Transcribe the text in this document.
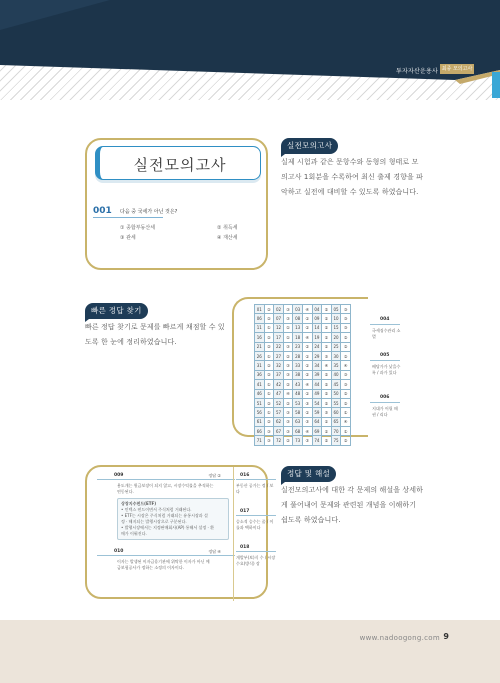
투자자산운용사 최종 모의고사
실전모의고사
001 다음 중 국세가 아닌 것은?
① 종합부동산세	② 취득세
③ 관세	④ 재산세
실전모의고사
실제 시험과 같은 문항수와 동형의 형태로 모
의고사 1회분을 수록하여 최신 출제 경향을 파
악하고 실전에 대비할 수 있도록 하였습니다.
빠른 정답 찾기
빠른 정답 찾기로 문제를 빠르게 채점할 수 있
도록 한 눈에 정리하였습니다.
01	②	02	③	03	④	04	②	05	③
06	②	07	③	08	①	09	①	10	③
11	①	12	①	13	①	14	①	15	③
16	②	17	①	18	④	19	①	20	②
21	②	22	③	23	②	24	①	25	②
26	①	27	②	28	①	29	③	30	②
31	②	32	③	33	①	34	④	35	④
36	②	37	③	38	②	39	②	40	③
41	①	42	②	43	④	44	②	45	③
46	①	47	④	48	①	49	②	50	②
51	②	52	②	53	③	54	②	55	②
56	①	57	③	58	①	59	③	60	①
61	②	62	③	63	③	64	①	65	④
66	③	67	③	68	④	69	①	70	①
71	③	72	②	73	③	74	②	75	②
004
국세징수관리 소멸
005
배당가가 낮을수록 / 과가 있다
006
지대가 어릴 때 권 / 리다
정답 및 해설
실전모의고사에 대한 각 문제의 해설을 상세하
게 풀어내어 문제와 관련된 개념을 이해하기
쉽도록 하였습니다.
009	정답 ②
용도개는 원금보장이 되지 않고, 시장수익률을 추적하는
연동된다.
상장지수펀드(ETF)
• 인덱스 펀드이면서 주식처럼 거래된다.
• ETF는 시장은 주식처럼 거래되는 유통시장과 설
정 · 해지되는 발행시장으로 구분된다.
• 발행시장에서는 지정판매회사(AP) 통해서 설정 · 환
매가 이뤄진다.
010	정답 ④
이자는 발생된 이자금융기관에 위탁한 이자가 아닌 예
금보험공사가 정하는 소정의 이자이다.
016
부동산 공가는 정 / 보다
017
승소적 승수는 좀 / 이를과 택하이다
018
개발부(보)식 수 / 시장수요(방식) 장
www.nadoogong.com 9
